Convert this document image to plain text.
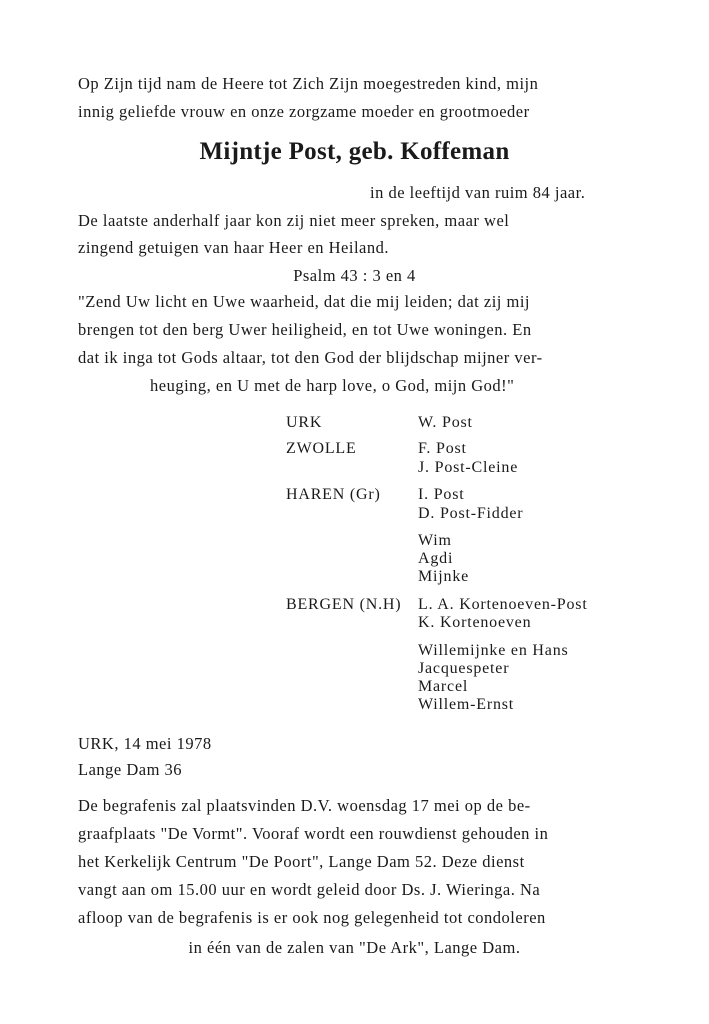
Op Zijn tijd nam de Heere tot Zich Zijn moegestreden kind, mijn
innig geliefde vrouw en onze zorgzame moeder en grootmoeder
Mijntje Post, geb. Koffeman
in de leeftijd van ruim 84 jaar.
De laatste anderhalf jaar kon zij niet meer spreken, maar wel
zingend getuigen van haar Heer en Heiland.
Psalm 43 : 3 en 4
"Zend Uw licht en Uwe waarheid, dat die mij leiden; dat zij mij
brengen tot den berg Uwer heiligheid, en tot Uwe woningen. En
dat ik inga tot Gods altaar, tot den God der blijdschap mijner ver-
heuging, en U met de harp love, o God, mijn God!"
URK	W. Post
ZWOLLE	F. Post
J. Post-Cleine
HAREN (Gr) I. Post
D. Post-Fidder
Wim
Agdi
Mijnke
BERGEN (N.H) L. A. Kortenoeven-Post
K. Kortenoeven
Willemijnke en Hans
Jacquespeter
Marcel
Willem-Ernst
URK, 14 mei 1978
Lange Dam 36
De begrafenis zal plaatsvinden D.V. woensdag 17 mei op de be-
graafplaats "De Vormt". Vooraf wordt een rouwdienst gehouden in
het Kerkelijk Centrum "De Poort", Lange Dam 52. Deze dienst
vangt aan om 15.00 uur en wordt geleid door Ds. J. Wieringa. Na
afloop van de begrafenis is er ook nog gelegenheid tot condoleren
in één van de zalen van "De Ark", Lange Dam.
